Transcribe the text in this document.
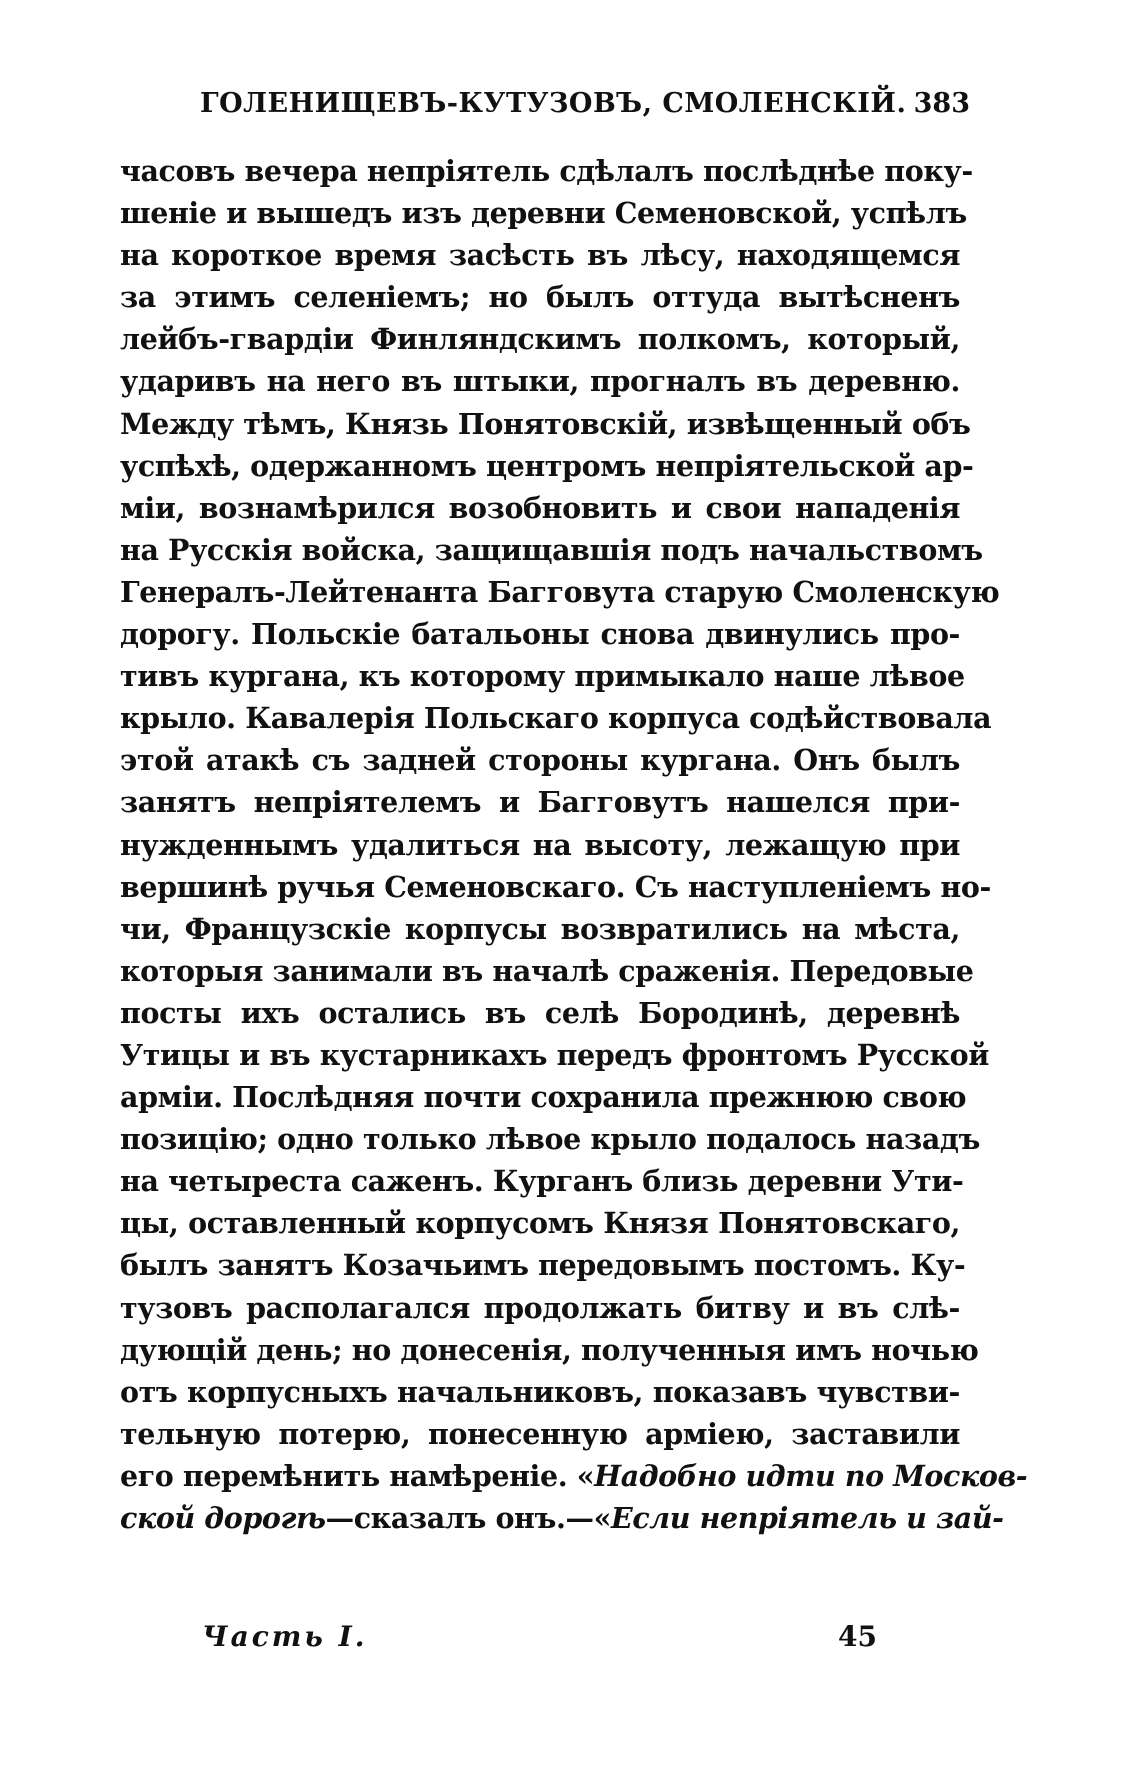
ГОЛЕНИЩЕВЪ-КУТУЗОВЪ, СМОЛЕНСКІЙ. 383
часовъ вечера непріятель сдѣлалъ послѣднѣе поку-
шеніе и вышедъ изъ деревни Семеновской, успѣлъ
на короткое время засѣсть въ лѣсу, находящемся
за этимъ селеніемъ; но былъ оттуда вытѣсненъ
лейбъ-гвардіи Финляндскимъ полкомъ, который,
ударивъ на него въ штыки, прогналъ въ деревню.
Между тѣмъ, Князь Понятовскій, извѣщенный объ
успѣхѣ, одержанномъ центромъ непріятельской ар-
міи, вознамѣрился возобновить и свои нападенія
на Русскія войска, защищавшія подъ начальствомъ
Генералъ-Лейтенанта Багговута старую Смоленскую
дорогу. Польскіе батальоны снова двинулись про-
тивъ кургана, къ которому примыкало наше лѣвое
крыло. Кавалерія Польскаго корпуса содѣйствовала
этой атакѣ съ задней стороны кургана. Онъ былъ
занятъ непріятелемъ и Багговутъ нашелся при-
нужденнымъ удалиться на высоту, лежащую при
вершинѣ ручья Семеновскаго. Съ наступленіемъ но-
чи, Французскіе корпусы возвратились на мѣста,
которыя занимали въ началѣ сраженія. Передовые
посты ихъ остались въ селѣ Бородинѣ, деревнѣ
Утицы и въ кустарникахъ передъ фронтомъ Русской
арміи. Послѣдняя почти сохранила прежнюю свою
позицію; одно только лѣвое крыло подалось назадъ
на четыреста саженъ. Курганъ близь деревни Ути-
цы, оставленный корпусомъ Князя Понятовскаго,
былъ занятъ Козачьимъ передовымъ постомъ. Ку-
тузовъ располагался продолжать битву и въ слѣ-
дующій день; но донесенія, полученныя имъ ночью
отъ корпусныхъ начальниковъ, показавъ чувстви-
тельную потерю, понесенную арміею, заставили
его перемѣнить намѣреніе. «Надобно идти по Москов-
ской дорогѣ—сказалъ онъ.—«Если непріятель и зай-
Часть I.	45
